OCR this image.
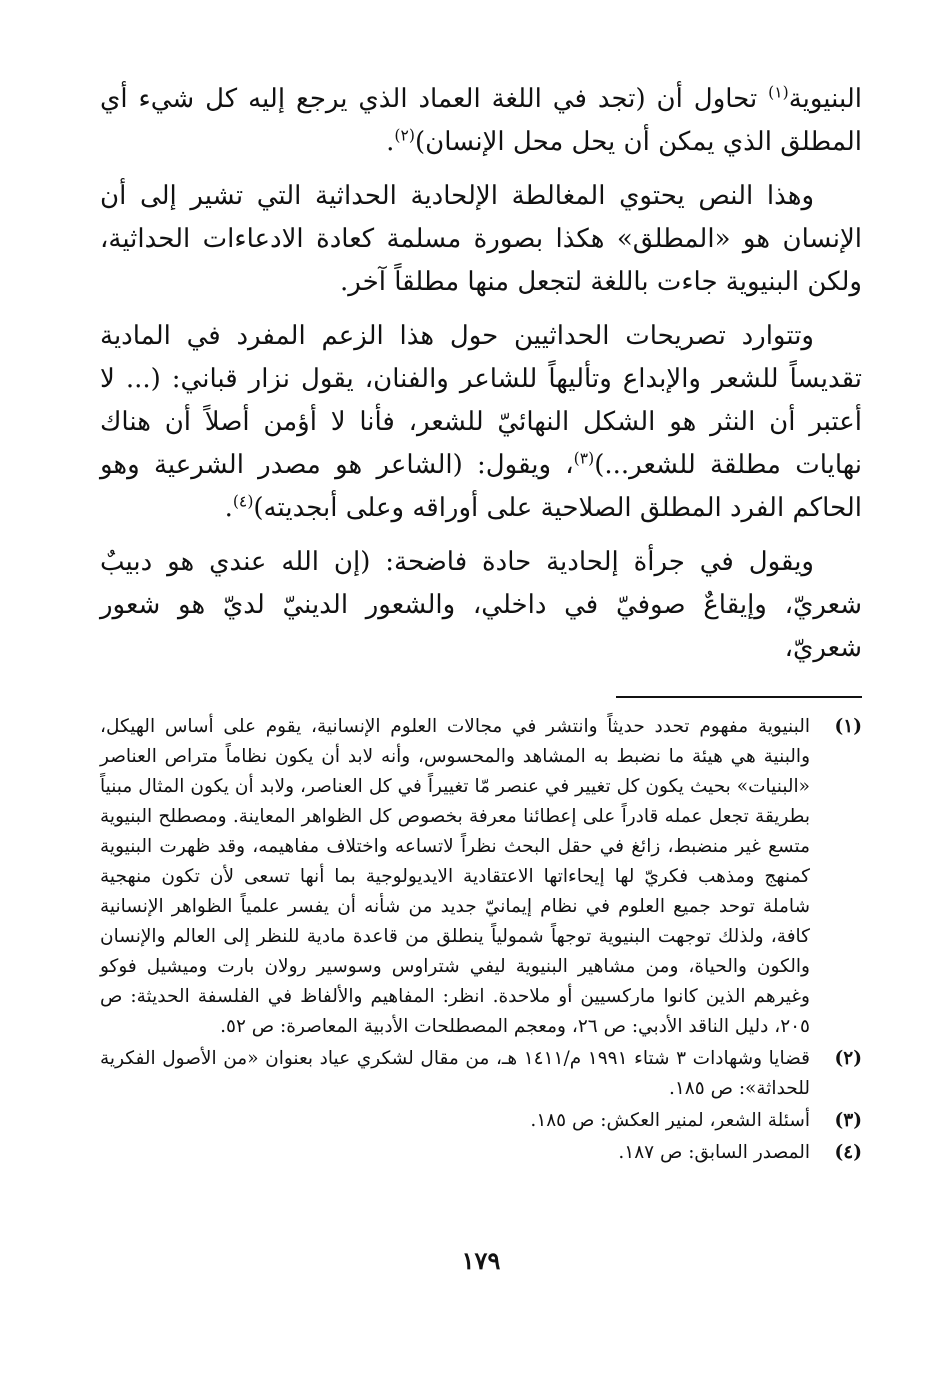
البنيوية$^{(١)}$ تحاول أن (تجد في اللغة العماد الذي يرجع إليه كل شيء أي المطلق الذي يمكن أن يحل محل الإنسان)$^{(٢)}$.

وهذا النص يحتوي المغالطة الإلحادية الحداثية التي تشير إلى أن الإنسان هو «المطلق» هكذا بصورة مسلمة كعادة الادعاءات الحداثية، ولكن البنيوية جاءت باللغة لتجعل منها مطلقاً آخر.

وتتوارد تصريحات الحداثيين حول هذا الزعم المفرد في المادية تقديساً للشعر والإبداع وتأليهاً للشاعر والفنان، يقول نزار قباني: (... لا أعتبر أن النثر هو الشكل النهائيّ للشعر، فأنا لا أؤمن أصلاً أن هناك نهايات مطلقة للشعر...)$^{(٣)}$، ويقول: (الشاعر هو مصدر الشرعية وهو الحاكم الفرد المطلق الصلاحية على أوراقه وعلى أبجديته)$^{(٤)}$.

ويقول في جرأة إلحادية حادة فاضحة: (إن الله عندي هو دبيبٌ شعريّ، وإيقاعٌ صوفيّ في داخلي، والشعور الدينيّ لديّ هو شعور شعريّ،

(١)
البنيوية مفهوم تحدد حديثاً وانتشر في مجالات العلوم الإنسانية، يقوم على أساس الهيكل، والبنية هي هيئة ما نضبط به المشاهد والمحسوس، وأنه لابد أن يكون نظاماً متراص العناصر «البنيات» بحيث يكون كل تغيير في عنصر مّا تغييراً في كل العناصر، ولابد أن يكون المثال مبنياً بطريقة تجعل عمله قادراً على إعطائنا معرفة بخصوص كل الظواهر المعاينة. ومصطلح البنيوية متسع غير منضبط، زائغ في حقل البحث نظراً لاتساعه واختلاف مفاهيمه، وقد ظهرت البنيوية كمنهج ومذهب فكريّ لها إيحاءاتها الاعتقادية الايديولوجية بما أنها تسعى لأن تكون منهجية شاملة توحد جميع العلوم في نظام إيمانيّ جديد من شأنه أن يفسر علمياً الظواهر الإنسانية كافة، ولذلك توجهت البنيوية توجهاً شمولياً ينطلق من قاعدة مادية للنظر إلى العالم والإنسان والكون والحياة، ومن مشاهير البنيوية ليفي شتراوس وسوسير رولان بارت وميشيل فوكو وغيرهم الذين كانوا ماركسيين أو ملاحدة. انظر: المفاهيم والألفاظ في الفلسفة الحديثة: ص ٢٠٥، دليل الناقد الأدبي: ص ٢٦، ومعجم المصطلحات الأدبية المعاصرة: ص ٥٢.
(٢)
قضايا وشهادات ٣ شتاء ١٩٩١ م/١٤١١ هـ، من مقال لشكري عياد بعنوان «من الأصول الفكرية للحداثة»: ص ١٨٥.
(٣)
أسئلة الشعر، لمنير العكش: ص ١٨٥.
(٤)
المصدر السابق: ص ١٨٧.
١٧٩
